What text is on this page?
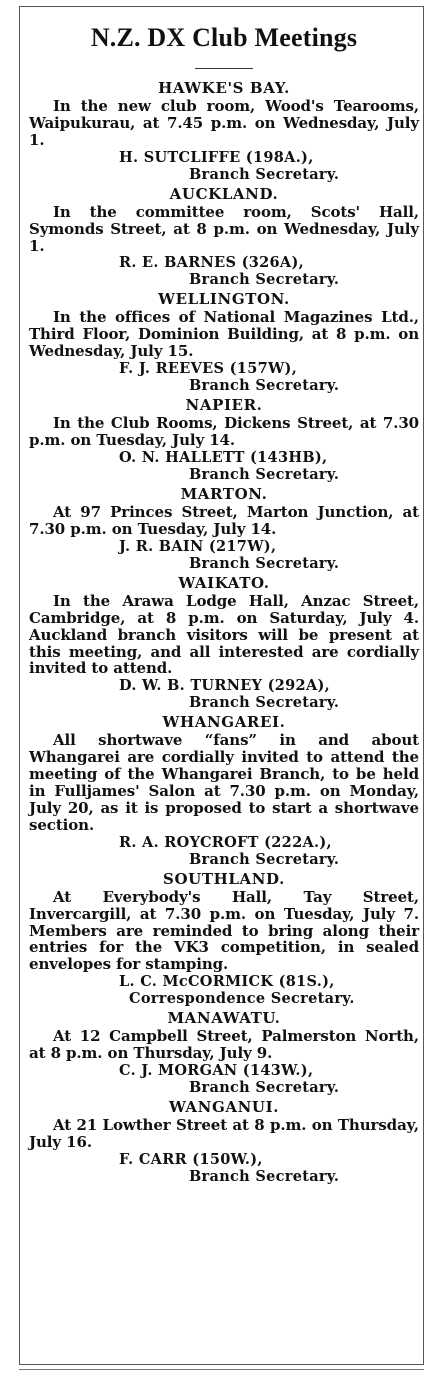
N.Z. DX Club Meetings
HAWKE'S BAY.

In the new club room, Wood's Tearooms, Waipukurau, at 7.45 p.m. on Wednesday, July 1.

H. SUTCLIFFE (198A.),
Branch Secretary.
AUCKLAND.

In the committee room, Scots' Hall, Symonds Street, at 8 p.m. on Wednesday, July 1.

R. E. BARNES (326A),
Branch Secretary.
WELLINGTON.

In the offices of National Magazines Ltd., Third Floor, Dominion Building, at 8 p.m. on Wednesday, July 15.

F. J. REEVES (157W),
Branch Secretary.
NAPIER.

In the Club Rooms, Dickens Street, at 7.30 p.m. on Tuesday, July 14.

O. N. HALLETT (143HB),
Branch Secretary.
MARTON.

At 97 Princes Street, Marton Junction, at 7.30 p.m. on Tuesday, July 14.

J. R. BAIN (217W),
Branch Secretary.
WAIKATO.

In the Arawa Lodge Hall, Anzac Street, Cambridge, at 8 p.m. on Saturday, July 4. Auckland branch visitors will be present at this meeting, and all interested are cordially invited to attend.

D. W. B. TURNEY (292A),
Branch Secretary.
WHANGAREI.

All shortwave “fans” in and about Whangarei are cordially invited to attend the meeting of the Whangarei Branch, to be held in Fulljames' Salon at 7.30 p.m. on Monday, July 20, as it is proposed to start a shortwave section.

R. A. ROYCROFT (222A.),
Branch Secretary.
SOUTHLAND.

At Everybody's Hall, Tay Street, Invercargill, at 7.30 p.m. on Tuesday, July 7. Members are reminded to bring along their entries for the VK3 competition, in sealed envelopes for stamping.

L. C. McCORMICK (81S.),
Correspondence Secretary.
MANAWATU.

At 12 Campbell Street, Palmerston North, at 8 p.m. on Thursday, July 9.

C. J. MORGAN (143W.),
Branch Secretary.
WANGANUI.

At 21 Lowther Street at 8 p.m. on Thursday, July 16.

F. CARR (150W.),
Branch Secretary.
